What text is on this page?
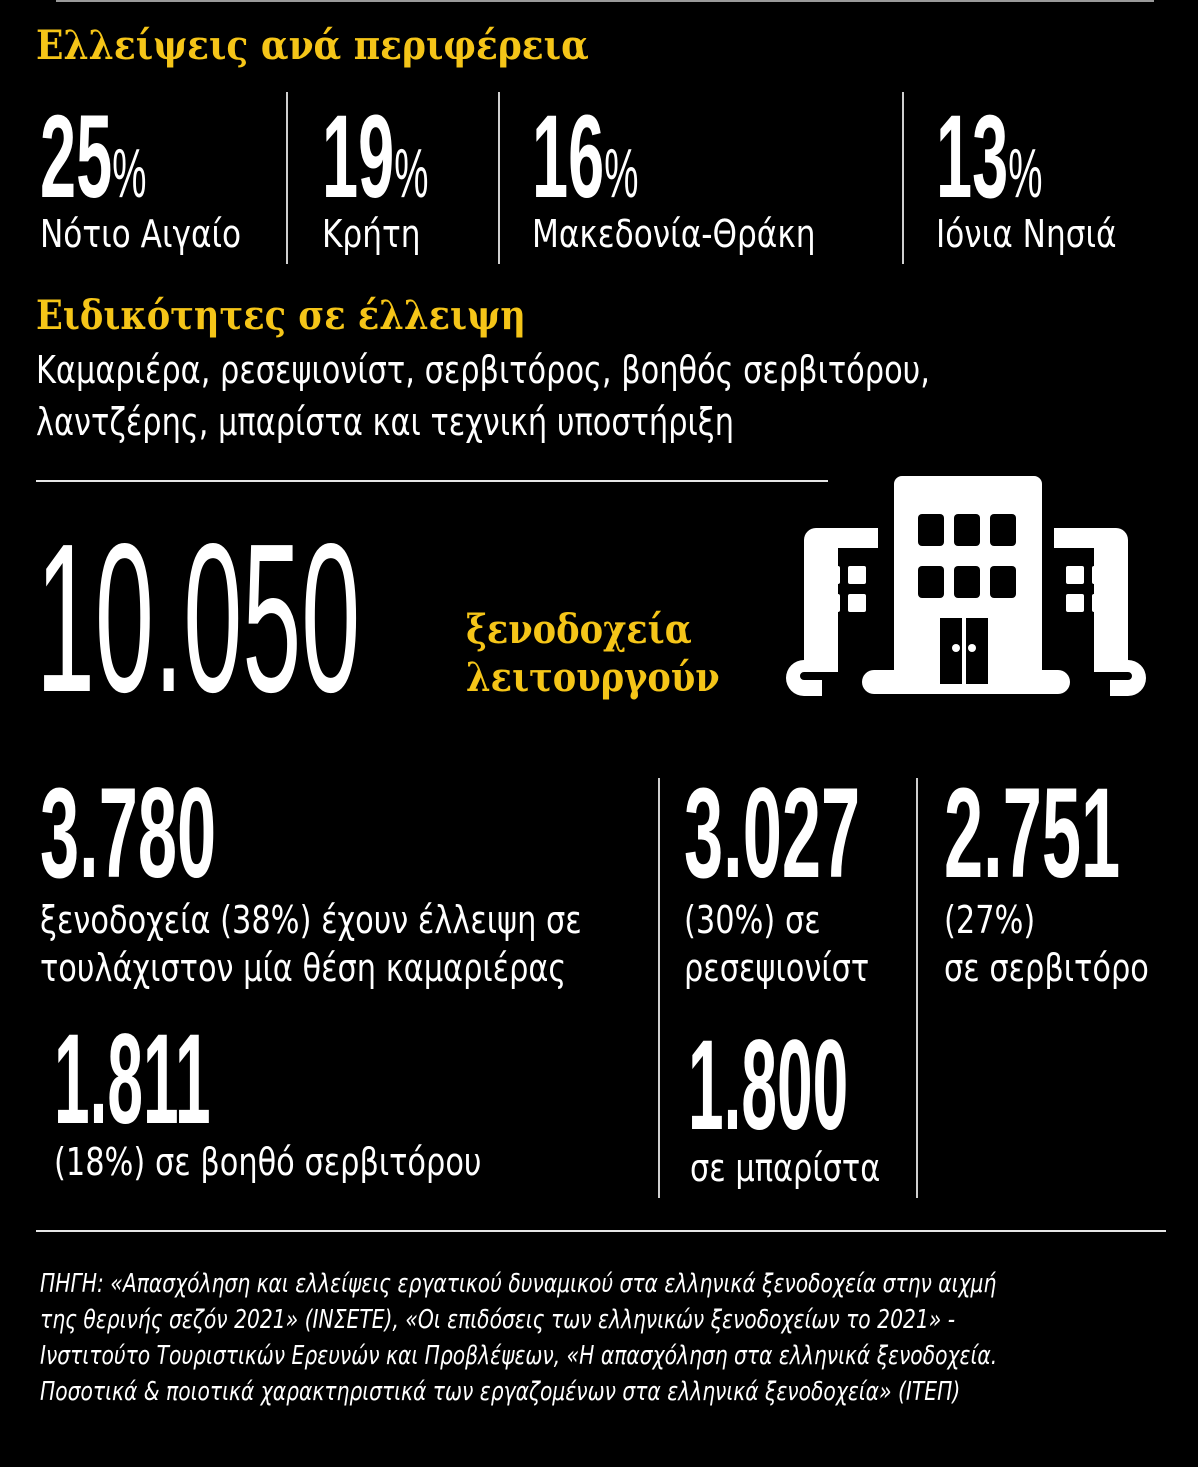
Ελλείψεις ανά περιφέρεια
25%
Νότιο Αιγαίο
19%
Κρήτη
16%
Μακεδονία-Θράκη
13%
Ιόνια Νησιά
Ειδικότητες σε έλλειψη
Καμαριέρα, ρεσεψιονίστ, σερβιτόρος, βοηθός σερβιτόρου,
λαντζέρης, μπαρίστα και τεχνική υποστήριξη
10.050	ξενοδοχεία
λειτουργούν
3.780
ξενοδοχεία (38%) έχουν έλλειψη σε
τουλάχιστον μία θέση καμαριέρας
3.027
(30%) σε
ρεσεψιονίστ
2.751
(27%)
σε σερβιτόρο
1.811
(18%) σε βοηθό σερβιτόρου
1.800
σε μπαρίστα
ΠΗΓΗ: «Απασχόληση και ελλείψεις εργατικού δυναμικού στα ελληνικά ξενοδοχεία στην αιχμή
της θερινής σεζόν 2021» (ΙΝΣΕΤΕ), «Οι επιδόσεις των ελληνικών ξενοδοχείων το 2021» -
Ινστιτούτο Τουριστικών Ερευνών και Προβλέψεων, «Η απασχόληση στα ελληνικά ξενοδοχεία.
Ποσοτικά & ποιοτικά χαρακτηριστικά των εργαζομένων στα ελληνικά ξενοδοχεία» (ΙΤΕΠ)
